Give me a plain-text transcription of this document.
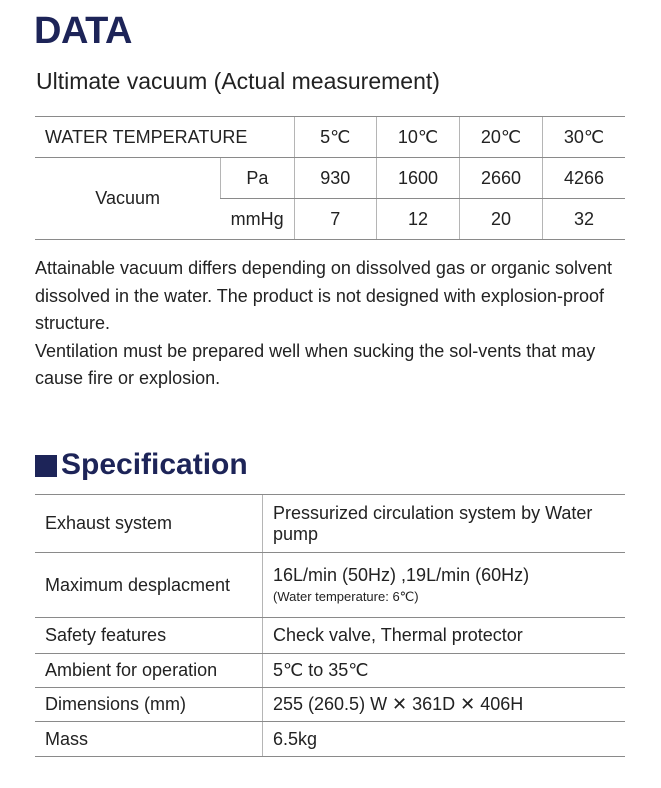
DATA
Ultimate vacuum (Actual measurement)
WATER TEMPERATURE		5℃	10℃	20℃	30℃
Vacuum	Pa	930	1600	2660	4266
	mmHg	7	12	20	32

Attainable vacuum differs depending on dissolved gas or organic solvent dissolved in the water. The product is not designed with explosion-proof structure.

Ventilation must be prepared well when sucking the sol-vents that may cause fire or explosion.

Specification
Exhaust system	Pressurized circulation system by Water pump
Maximum desplacment	16L/min (50Hz) ,19L/min (60Hz)
(Water temperature: 6℃)

Safety features	Check valve, Thermal protector
Ambient for operation	5℃ to 35℃
Dimensions (mm)	255 (260.5) W ✕ 361D ✕ 406H
Mass	6.5kg
